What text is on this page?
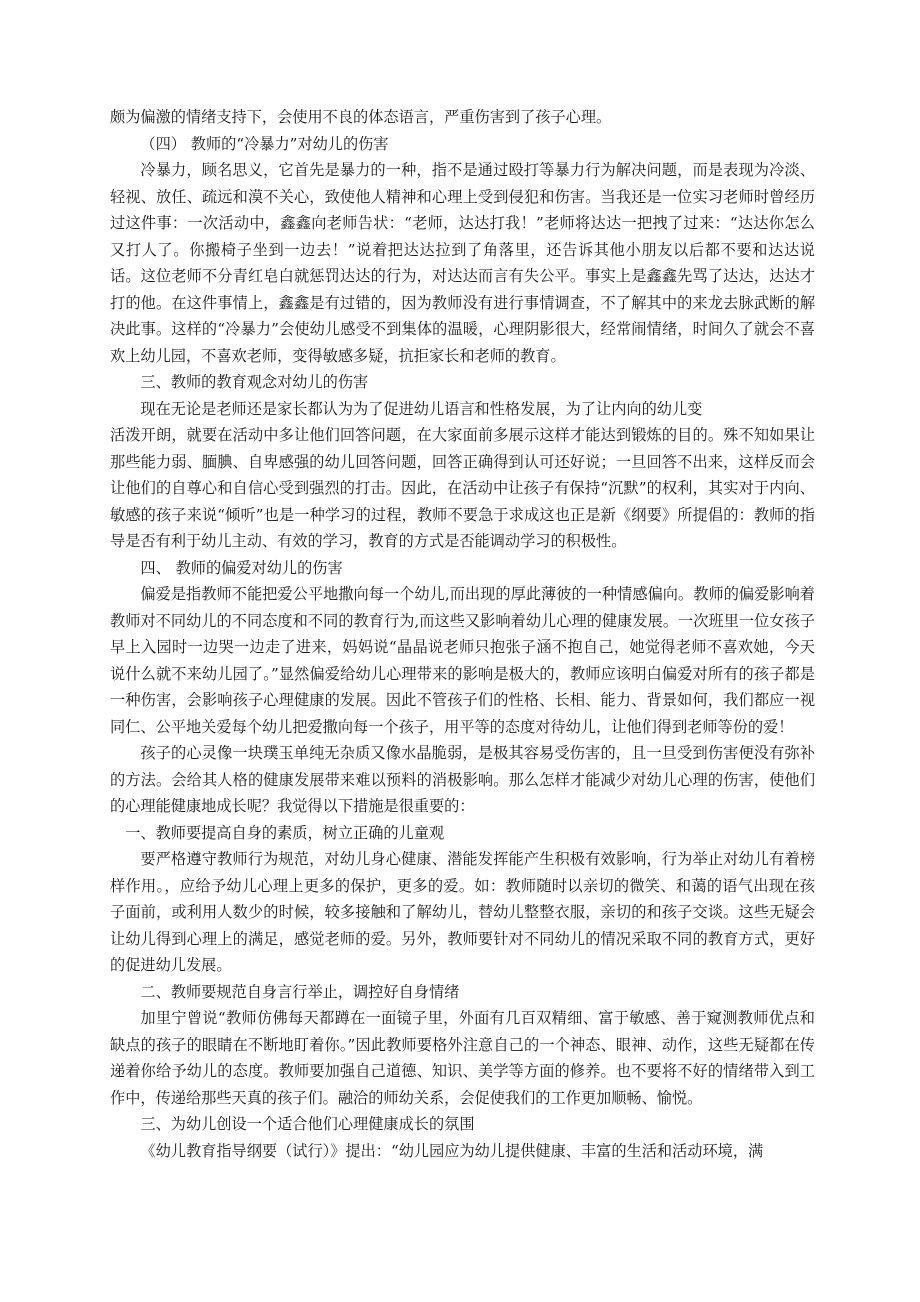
颇为偏激的情绪支持下，会使用不良的体态语言，严重伤害到了孩子心理。

（四） 教师的“冷暴力”对幼儿的伤害

冷暴力，顾名思义，它首先是暴力的一种，指不是通过殴打等暴力行为解决问题，而是表现为冷淡、轻视、放任、疏远和漠不关心，致使他人精神和心理上受到侵犯和伤害。当我还是一位实习老师时曾经历过这件事：一次活动中，鑫鑫向老师告状：“老师，达达打我！”老师将达达一把拽了过来：“达达你怎么又打人了。你搬椅子坐到一边去！”说着把达达拉到了角落里，还告诉其他小朋友以后都不要和达达说话。这位老师不分青红皂白就惩罚达达的行为，对达达而言有失公平。事实上是鑫鑫先骂了达达，达达才打的他。在这件事情上，鑫鑫是有过错的，因为教师没有进行事情调查，不了解其中的来龙去脉武断的解决此事。这样的“冷暴力”会使幼儿感受不到集体的温暖，心理阴影很大，经常闹情绪，时间久了就会不喜欢上幼儿园，不喜欢老师，变得敏感多疑，抗拒家长和老师的教育。

三、教师的教育观念对幼儿的伤害

现在无论是老师还是家长都认为为了促进幼儿语言和性格发展，为了让内向的幼儿变

活泼开朗，就要在活动中多让他们回答问题，在大家面前多展示这样才能达到锻炼的目的。殊不知如果让那些能力弱、腼腆、自卑感强的幼儿回答问题，回答正确得到认可还好说；一旦回答不出来，这样反而会让他们的自尊心和自信心受到强烈的打击。因此，在活动中让孩子有保持“沉默”的权利，其实对于内向、敏感的孩子来说“倾听”也是一种学习的过程，教师不要急于求成这也正是新《纲要》所提倡的：教师的指导是否有利于幼儿主动、有效的学习，教育的方式是否能调动学习的积极性。

四、 教师的偏爱对幼儿的伤害

偏爱是指教师不能把爱公平地撒向每一个幼儿,而出现的厚此薄彼的一种情感偏向。教师的偏爱影响着教师对不同幼儿的不同态度和不同的教育行为,而这些又影响着幼儿心理的健康发展。一次班里一位女孩子早上入园时一边哭一边走了进来，妈妈说“晶晶说老师只抱张子涵不抱自己，她觉得老师不喜欢她，今天说什么就不来幼儿园了。”显然偏爱给幼儿心理带来的影响是极大的，教师应该明白偏爱对所有的孩子都是一种伤害，会影响孩子心理健康的发展。因此不管孩子们的性格、长相、能力、背景如何，我们都应一视同仁、公平地关爱每个幼儿把爱撒向每一个孩子，用平等的态度对待幼儿，让他们得到老师等份的爱！

孩子的心灵像一块璞玉单纯无杂质又像水晶脆弱，是极其容易受伤害的，且一旦受到伤害便没有弥补的方法。会给其人格的健康发展带来难以预料的消极影响。那么怎样才能减少对幼儿心理的伤害，使他们的心理能健康地成长呢？我觉得以下措施是很重要的：

一、教师要提高自身的素质，树立正确的儿童观

要严格遵守教师行为规范，对幼儿身心健康、潜能发挥能产生积极有效影响，行为举止对幼儿有着榜样作用。，应给予幼儿心理上更多的保护，更多的爱。如：教师随时以亲切的微笑、和蔼的语气出现在孩子面前，或利用人数少的时候，较多接触和了解幼儿，替幼儿整整衣服，亲切的和孩子交谈。这些无疑会让幼儿得到心理上的满足，感觉老师的爱。另外，教师要针对不同幼儿的情况采取不同的教育方式，更好的促进幼儿发展。

二、教师要规范自身言行举止，调控好自身情绪

加里宁曾说“教师仿佛每天都蹲在一面镜子里，外面有几百双精细、富于敏感、善于窥测教师优点和缺点的孩子的眼睛在不断地盯着你。”因此教师要格外注意自己的一个神态、眼神、动作，这些无疑都在传递着你给予幼儿的态度。教师要加强自己道德、知识、美学等方面的修养。也不要将不好的情绪带入到工作中，传递给那些天真的孩子们。融洽的师幼关系，会促使我们的工作更加顺畅、愉悦。

三、为幼儿创设一个适合他们心理健康成长的氛围

《幼儿教育指导纲要（试行）》提出：“幼儿园应为幼儿提供健康、丰富的生活和活动环境，满
